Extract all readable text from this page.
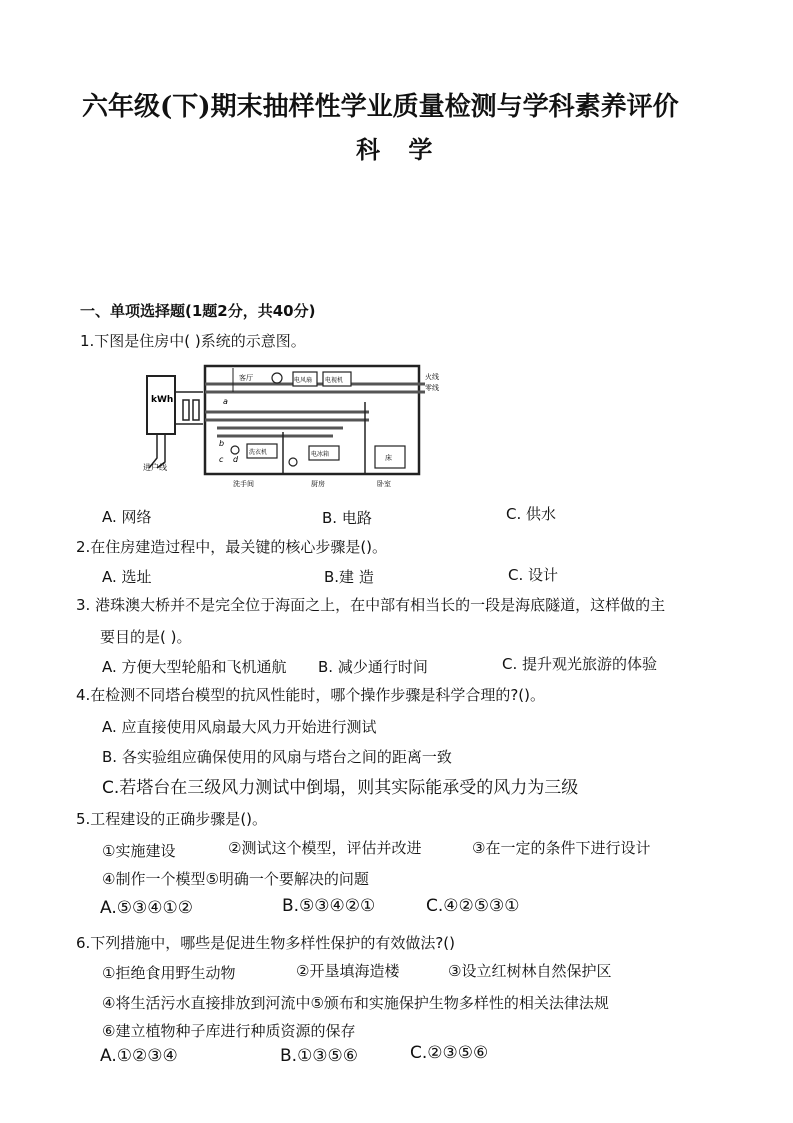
六年级(下)期末抽样性学业质量检测与学科素养评价
科 学
一、单项选择题(1题2分，共40分)
1.下图是住房中( )系统的示意图。
kWh
进户线
火线
零线
客厅
洗手间	厨房	卧室
电风扇 电视机
洗衣机	电冰箱	床
a
b
c d
A. 网络	B. 电路	C. 供水
2.在住房建造过程中，最关键的核心步骤是()。
A. 选址	B.建 造	C. 设计
3. 港珠澳大桥并不是完全位于海面之上，在中部有相当长的一段是海底隧道，这样做的主
要目的是( )。
A. 方便大型轮船和飞机通航 B. 减少通行时间	C. 提升观光旅游的体验
4.在检测不同塔台模型的抗风性能时，哪个操作步骤是科学合理的?()。
A. 应直接使用风扇最大风力开始进行测试
B. 各实验组应确保使用的风扇与塔台之间的距离一致
C.若塔台在三级风力测试中倒塌，则其实际能承受的风力为三级
5.工程建设的正确步骤是()。
①实施建设	②测试这个模型，评估并改进	③在一定的条件下进行设计
④制作一个模型⑤明确一个要解决的问题
A.⑤③④①②	B.⑤③④②①	C.④②⑤③①
6.下列措施中，哪些是促进生物多样性保护的有效做法?()
①拒绝食用野生动物	②开垦填海造楼	③设立红树林自然保护区
④将生活污水直接排放到河流中⑤颁布和实施保护生物多样性的相关法律法规
⑥建立植物种子库进行种质资源的保存
A.①②③④	B.①③⑤⑥	C.②③⑤⑥
